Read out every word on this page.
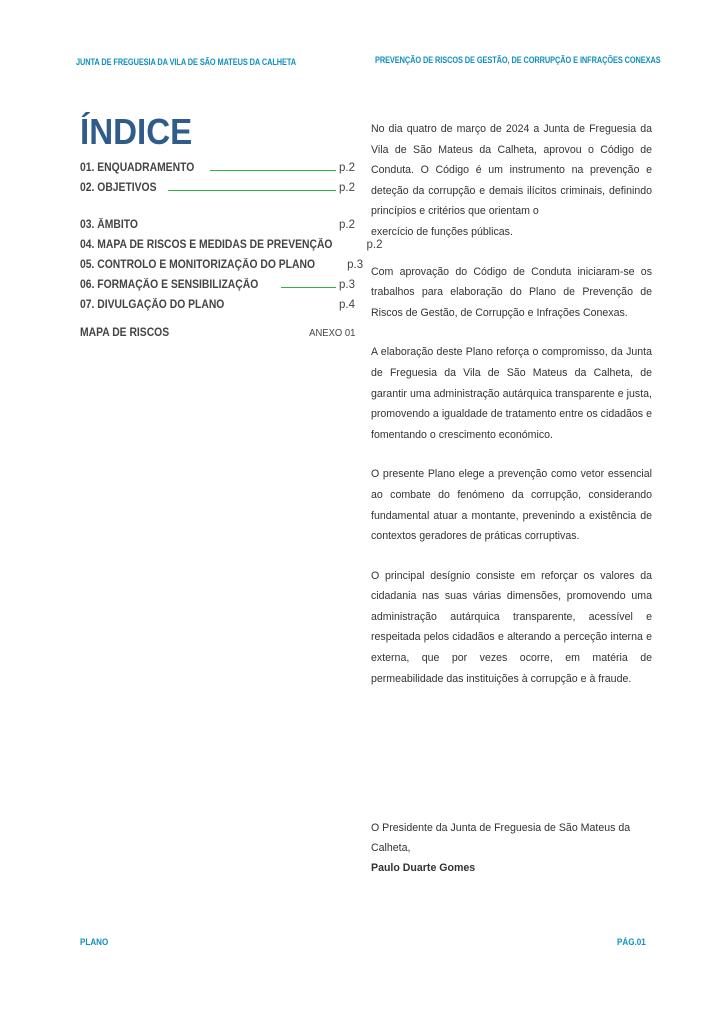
JUNTA DE FREGUESIA DA VILA DE SÃO MATEUS DA CALHETA	PREVENÇÃO DE RISCOS DE GESTÃO, DE CORRUPÇÃO E INFRAÇÕES CONEXAS
ÍNDICE
01. ENQUADRAMENTO	p.2
02. OBJETIVOS	p.2
03. ÂMBITO	p.2
04. MAPA DE RISCOS E MEDIDAS DE PREVENÇÃO	p.2
05. CONTROLO E MONITORIZAÇÃO DO PLANO	p.3
06. FORMAÇÃO E SENSIBILIZAÇÃO	p.3
07. DIVULGAÇÃO DO PLANO	p.4
MAPA DE RISCOS	ANEXO 01

No dia quatro de março de 2024 a Junta de Freguesia da Vila de São Mateus da Calheta, aprovou o Código de Conduta. O Código é um instrumento na prevenção e deteção da corrupção e demais ilícitos criminais, definindo princípios e critérios que orientam o

exercício de funções públicas.

Com aprovação do Código de Conduta iniciaram-se os trabalhos para elaboração do Plano de Prevenção de Riscos de Gestão, de Corrupção e Infrações Conexas.

A elaboração deste Plano reforça o compromisso, da Junta de Freguesia da Vila de São Mateus da Calheta, de garantir uma administração autárquica transparente e justa, promovendo a igualdade de tratamento entre os cidadãos e fomentando o crescimento económico.

O presente Plano elege a prevenção como vetor essencial ao combate do fenómeno da corrupção, considerando fundamental atuar a montante, prevenindo a existência de contextos geradores de práticas corruptivas.

O principal desígnio consiste em reforçar os valores da cidadania nas suas várias dimensões, promovendo uma administração autárquica transparente, acessível e respeitada pelos cidadãos e alterando a perceção interna e externa, que por vezes ocorre, em matéria de permeabilidade das instituições à corrupção e à fraude.

O Presidente da Junta de Freguesia de São Mateus da Calheta,
Paulo Duarte Gomes
PLANO	PÁG.01
